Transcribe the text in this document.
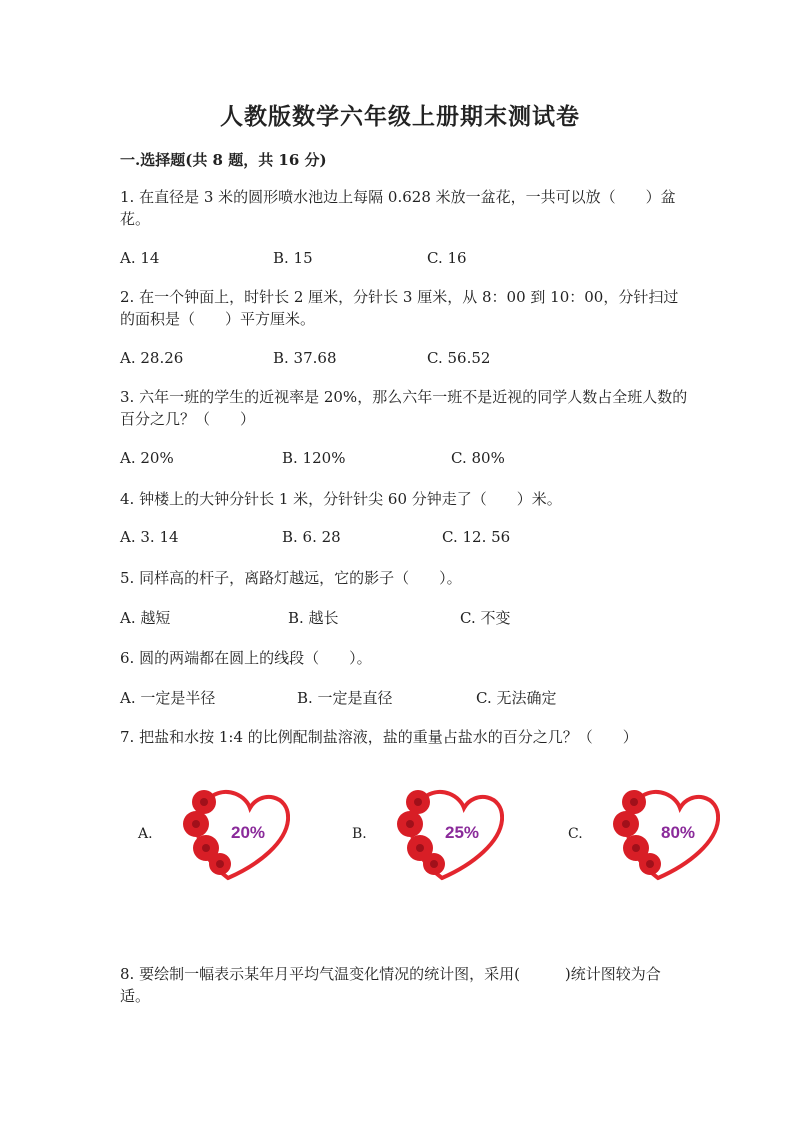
人教版数学六年级上册期末测试卷
一.选择题(共 8 题，共 16 分)
1. 在直径是 3 米的圆形喷水池边上每隔 0.628 米放一盆花，一共可以放（　　）盆花。
A. 14	B. 15	C. 16
2. 在一个钟面上，时针长 2 厘米，分针长 3 厘米，从 8：00 到 10：00，分针扫过的面积是（　　）平方厘米。
A. 28.26	B. 37.68	C. 56.52
3. 六年一班的学生的近视率是 20%，那么六年一班不是近视的同学人数占全班人数的百分之几？（　　）
A. 20%	B. 120%	C. 80%
4. 钟楼上的大钟分针长 1 米，分针针尖 60 分钟走了（　　）米。
A. 3. 14	B. 6. 28	C. 12. 56
5. 同样高的杆子，离路灯越远，它的影子（　　）。
A. 越短	B. 越长	C. 不变
6. 圆的两端都在圆上的线段（　　）。
A. 一定是半径	B. 一定是直径	C. 无法确定
7. 把盐和水按 1:4 的比例配制盐溶液，盐的重量占盐水的百分之几？（　　）
A.	20%	B.	25%	C.	80%
8. 要绘制一幅表示某年月平均气温变化情况的统计图，采用(　　　)统计图较为合适。
